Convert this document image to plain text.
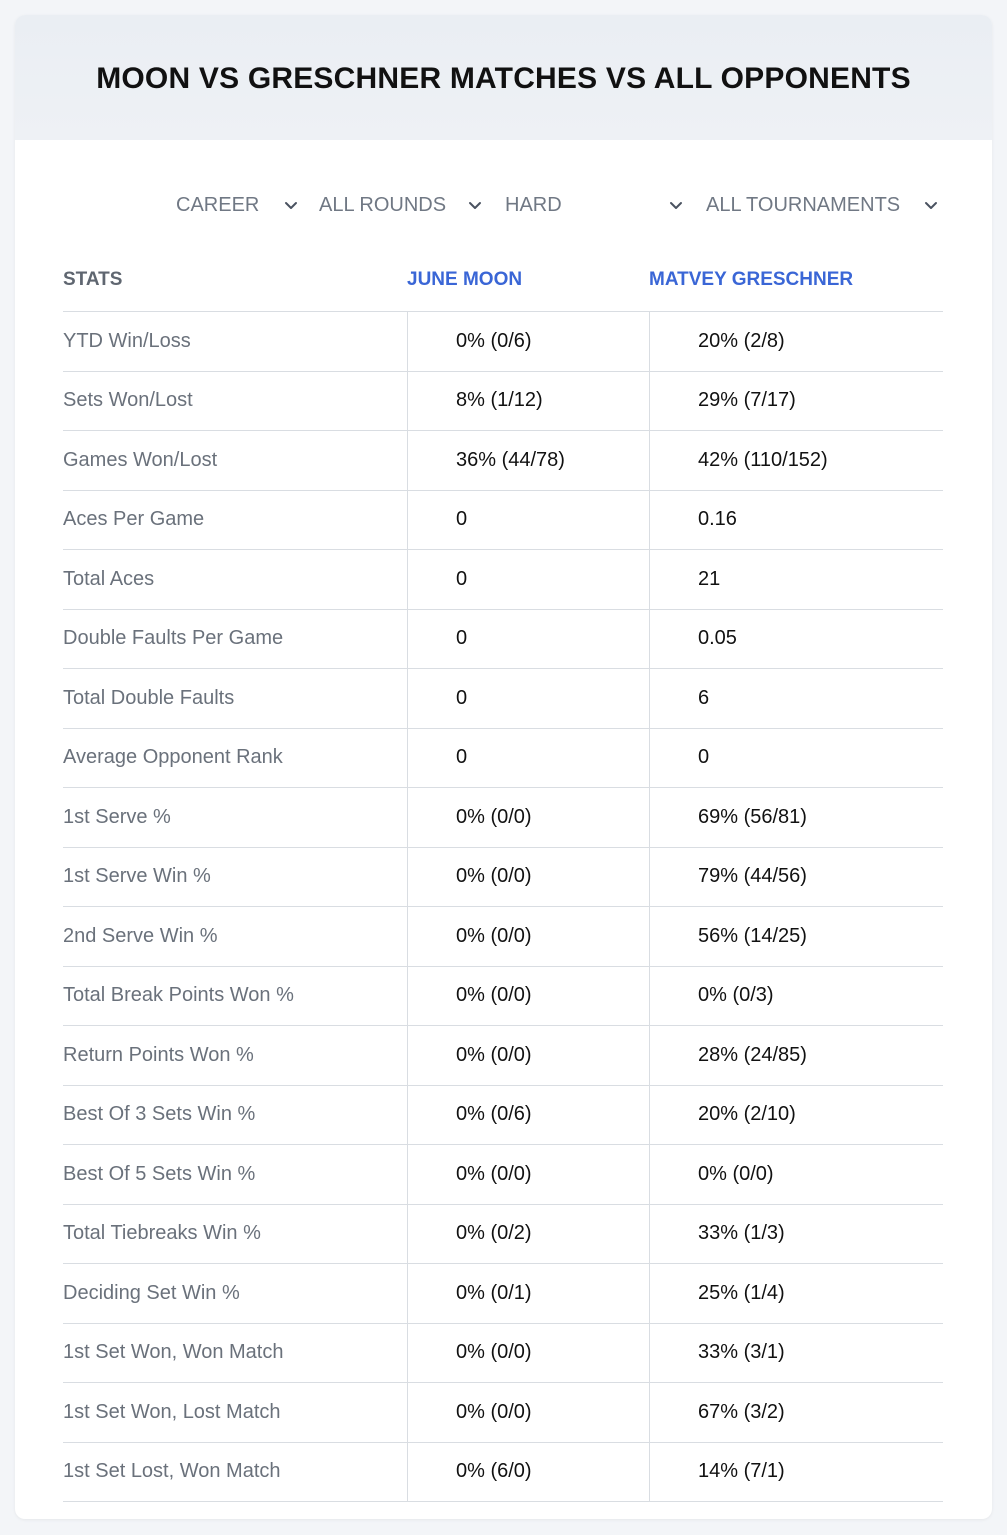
MOON VS GRESCHNER MATCHES VS ALL OPPONENTS
CAREER	ALL ROUNDS	HARD	ALL TOURNAMENTS
STATS	JUNE MOON	MATVEY GRESCHNER
YTD Win/Loss	0% (0/6)	20% (2/8)
Sets Won/Lost	8% (1/12)	29% (7/17)
Games Won/Lost	36% (44/78)	42% (110/152)
Aces Per Game	0	0.16
Total Aces	0	21
Double Faults Per Game	0	0.05
Total Double Faults	0	6
Average Opponent Rank	0	0
1st Serve %	0% (0/0)	69% (56/81)
1st Serve Win %	0% (0/0)	79% (44/56)
2nd Serve Win %	0% (0/0)	56% (14/25)
Total Break Points Won %	0% (0/0)	0% (0/3)
Return Points Won %	0% (0/0)	28% (24/85)
Best Of 3 Sets Win %	0% (0/6)	20% (2/10)
Best Of 5 Sets Win %	0% (0/0)	0% (0/0)
Total Tiebreaks Win %	0% (0/2)	33% (1/3)
Deciding Set Win %	0% (0/1)	25% (1/4)
1st Set Won, Won Match	0% (0/0)	33% (3/1)
1st Set Won, Lost Match	0% (0/0)	67% (3/2)
1st Set Lost, Won Match	0% (6/0)	14% (7/1)
